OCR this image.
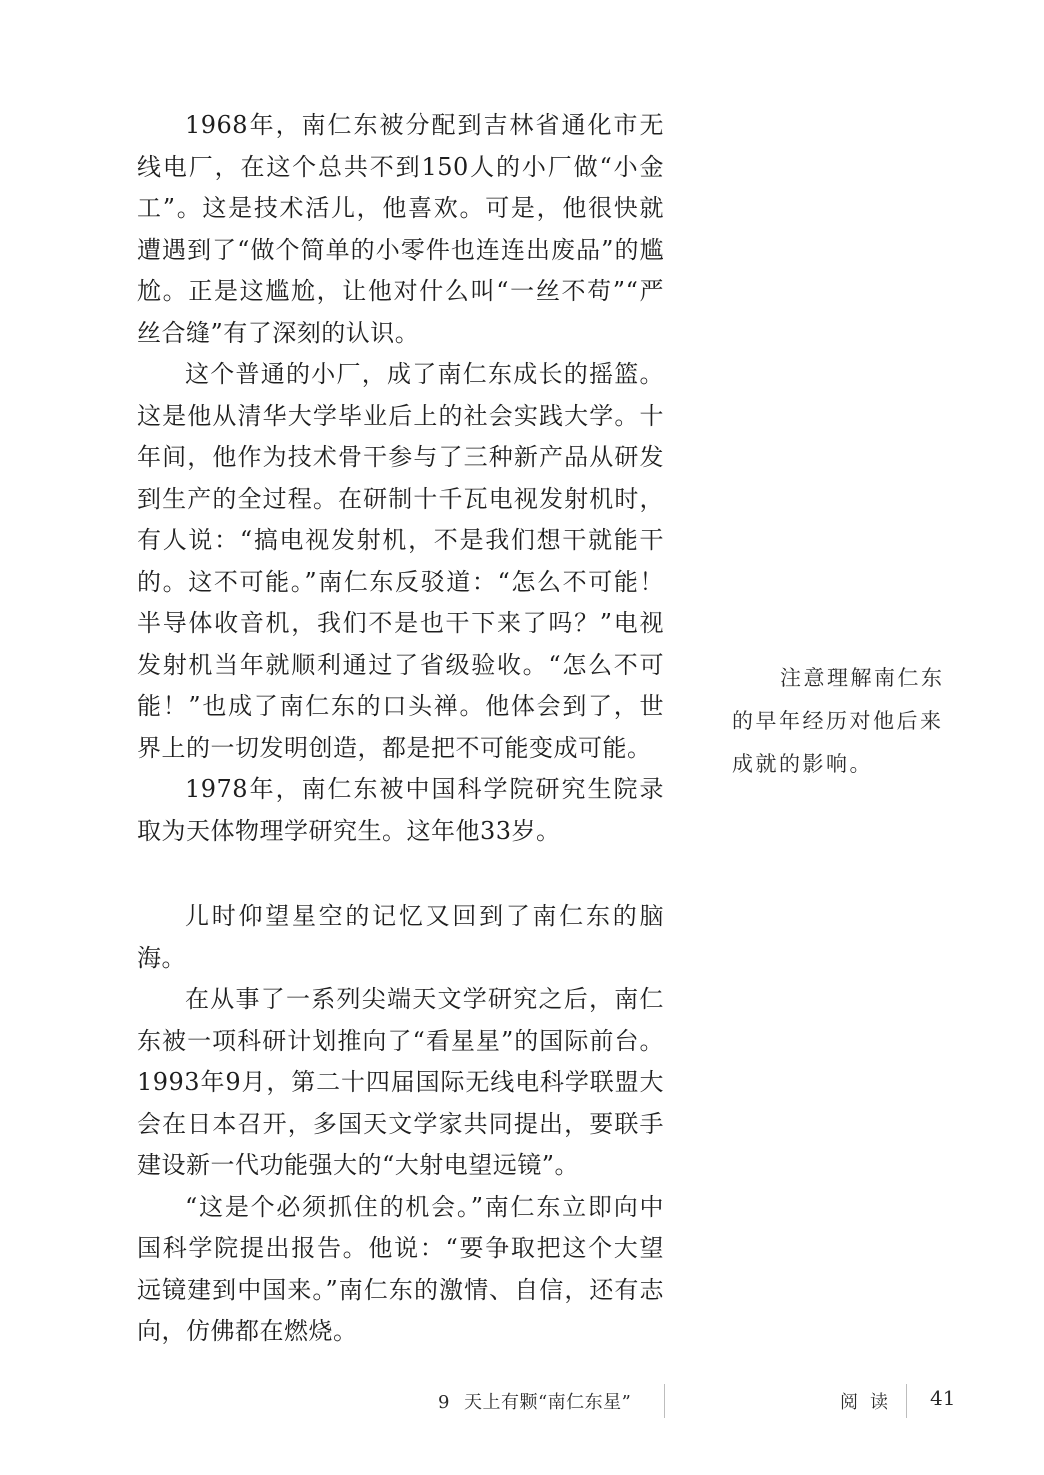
1968年，南仁东被分配到吉林省通化市无线电厂，在这个总共不到150人的小厂做“小金工”。这是技术活儿，他喜欢。可是，他很快就遭遇到了“做个简单的小零件也连连出废品”的尴尬。正是这尴尬，让他对什么叫“一丝不苟”“严丝合缝”有了深刻的认识。

这个普通的小厂，成了南仁东成长的摇篮。这是他从清华大学毕业后上的社会实践大学。十年间，他作为技术骨干参与了三种新产品从研发到生产的全过程。在研制十千瓦电视发射机时，有人说：“搞电视发射机，不是我们想干就能干的。这不可能。”南仁东反驳道：“怎么不可能！半导体收音机，我们不是也干下来了吗？”电视发射机当年就顺利通过了省级验收。“怎么不可能！”也成了南仁东的口头禅。他体会到了，世界上的一切发明创造，都是把不可能变成可能。

1978年，南仁东被中国科学院研究生院录取为天体物理学研究生。这年他33岁。

儿时仰望星空的记忆又回到了南仁东的脑海。

在从事了一系列尖端天文学研究之后，南仁东被一项科研计划推向了“看星星”的国际前台。1993年9月，第二十四届国际无线电科学联盟大会在日本召开，多国天文学家共同提出，要联手建设新一代功能强大的“大射电望远镜”。

“这是个必须抓住的机会。”南仁东立即向中国科学院提出报告。他说：“要争取把这个大望远镜建到中国来。”南仁东的激情、自信，还有志向，仿佛都在燃烧。

注意理解南仁东的早年经历对他后来成就的影响。

9 天上有颗“南仁东星”	阅读 41
